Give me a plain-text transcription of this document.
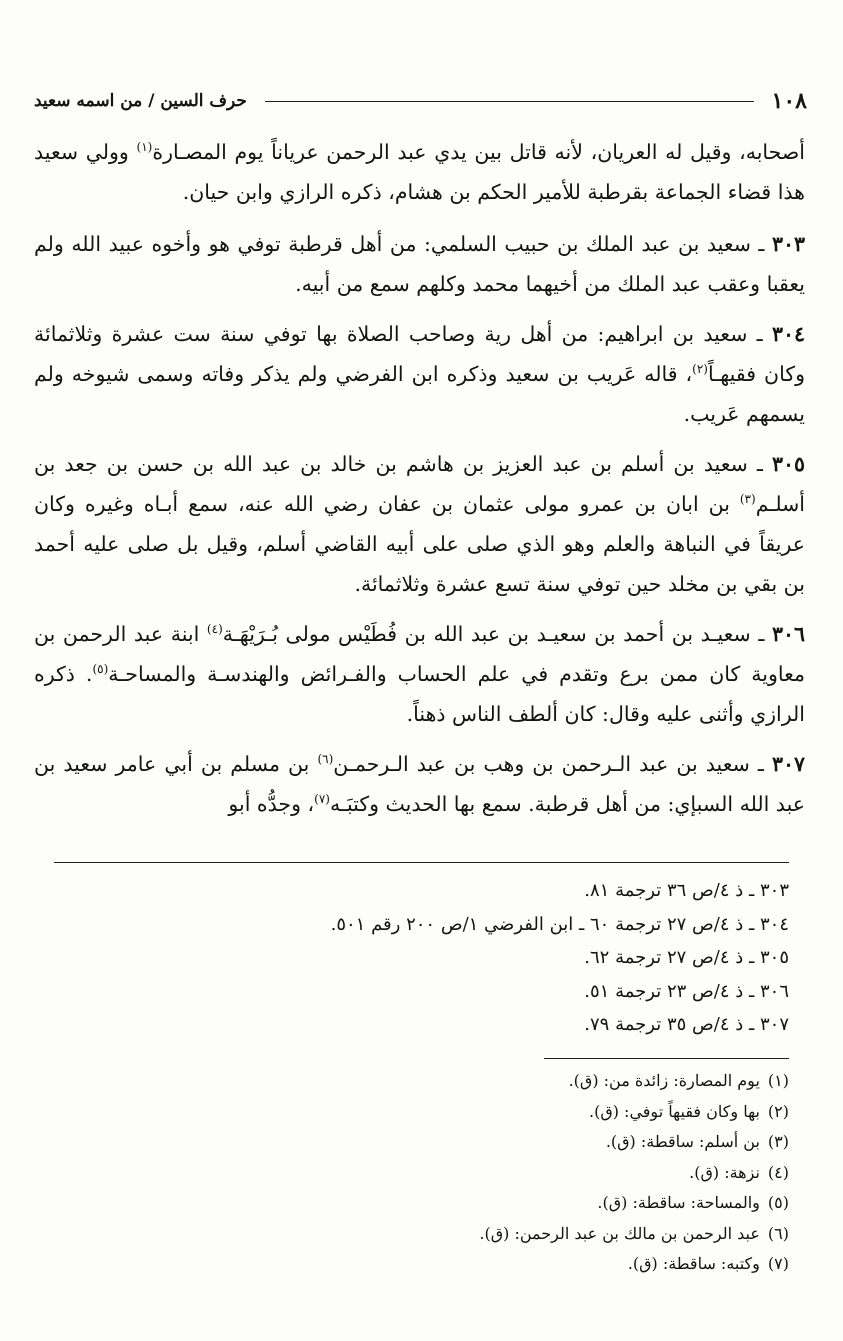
١٠٨
حرف السين / من اسمه سعيد

أصحابه، وقيل له العريان، لأنه قاتل بين يدي عبد الرحمن عرياناً يوم المصـارة$^{(١)}$ وولي سعيد هذا قضاء الجماعة بقرطبة للأمير الحكم بن هشام، ذكره الرازي وابن حيان.

٣٠٣ ـ سعيد بن عبد الملك بن حبيب السلمي: من أهل قرطبة توفي هو وأخوه عبيد الله ولم يعقبا وعقب عبد الملك من أخيهما محمد وكلهم سمع من أبيه.

٣٠٤ ـ سعيد بن ابراهيم: من أهل رية وصاحب الصلاة بها توفي سنة ست عشرة وثلاثمائة وكان فقيهـاً$^{(٢)}$، قاله عَريب بن سعيد وذكره ابن الفرضي ولم يذكر وفاته وسمى شيوخه ولم يسمهم عَريب.

٣٠٥ ـ سعيد بن أسلم بن عبد العزيز بن هاشم بن خالد بن عبد الله بن حسن بن جعد بن أسلـم$^{(٣)}$ بن ابان بن عمرو مولى عثمان بن عفان رضي الله عنه، سمع أبـاه وغيره وكان عريقاً في النباهة والعلم وهو الذي صلى على أبيه القاضي أسلم، وقيل بل صلى عليه أحمد بن بقي بن مخلد حين توفي سنة تسع عشرة وثلاثمائة.

٣٠٦ ـ سعيـد بن أحمد بن سعيـد بن عبد الله بن فُطَيْس مولى بُـرَيْهَـة$^{(٤)}$ ابنة عبد الرحمن بن معاوية كان ممن برع وتقدم في علم الحساب والفـرائض والهندسـة والمساحـة$^{(٥)}$. ذكره الرازي وأثنى عليه وقال: كان ألطف الناس ذهناً.

٣٠٧ ـ سعيد بن عبد الـرحمن بن وهب بن عبد الـرحمـن$^{(٦)}$ بن مسلم بن أبي عامر سعيد بن عبد الله السبإي: من أهل قرطبة. سمع بها الحديث وكتبَـه$^{(٧)}$، وجدُّه أبو

٣٠٣ ـ ذ ٤/ص ٣٦ ترجمة ٨١.
٣٠٤ ـ ذ ٤/ص ٢٧ ترجمة ٦٠ ـ ابن الفرضي ١/ص ٢٠٠ رقم ٥٠١.
٣٠٥ ـ ذ ٤/ص ٢٧ ترجمة ٦٢.
٣٠٦ ـ ذ ٤/ص ٢٣ ترجمة ٥١.
٣٠٧ ـ ذ ٤/ص ٣٥ ترجمة ٧٩.
(١)يوم المصارة: زائدة من: (ق).
(٢)بها وكان فقيهاً توفي: (ق).
(٣)بن أسلم: ساقطة: (ق).
(٤)نزهة: (ق).
(٥)والمساحة: ساقطة: (ق).
(٦)عبد الرحمن بن مالك بن عبد الرحمن: (ق).
(٧)وكتبه: ساقطة: (ق).
